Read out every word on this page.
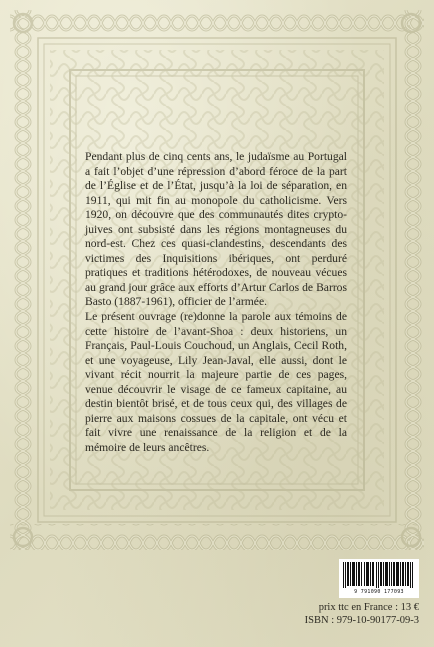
Pendant plus de cinq cents ans, le judaïsme au Portugal a fait l’objet d’une répression d’abord féroce de la part de l’Église et de l’État, jusqu’à la loi de séparation, en 1911, qui mit fin au monopole du catholicisme. Vers 1920, on découvre que des communautés dites crypto-juives ont subsisté dans les régions montagneuses du nord-est. Chez ces quasi-clandestins, descendants des victimes des Inquisitions ibériques, ont perduré pratiques et traditions hétérodoxes, de nouveau vécues au grand jour grâce aux efforts d’Artur Carlos de Barros Basto (1887-1961), officier de l’armée.

Le présent ouvrage (re)donne la parole aux témoins de cette histoire de l’avant-Shoa : deux historiens, un Français, Paul-Louis Couchoud, un Anglais, Cecil Roth, et une voyageuse, Lily Jean-Javal, elle aussi, dont le vivant récit nourrit la majeure partie de ces pages, venue découvrir le visage de ce fameux capitaine, au destin bientôt brisé, et de tous ceux qui, des villages de pierre aux maisons cossues de la capitale, ont vécu et fait vivre une renaissance de la religion et de la mémoire de leurs ancêtres.

9 791090 177093
prix ttc en France : 13 €
ISBN : 979-10-90177-09-3
